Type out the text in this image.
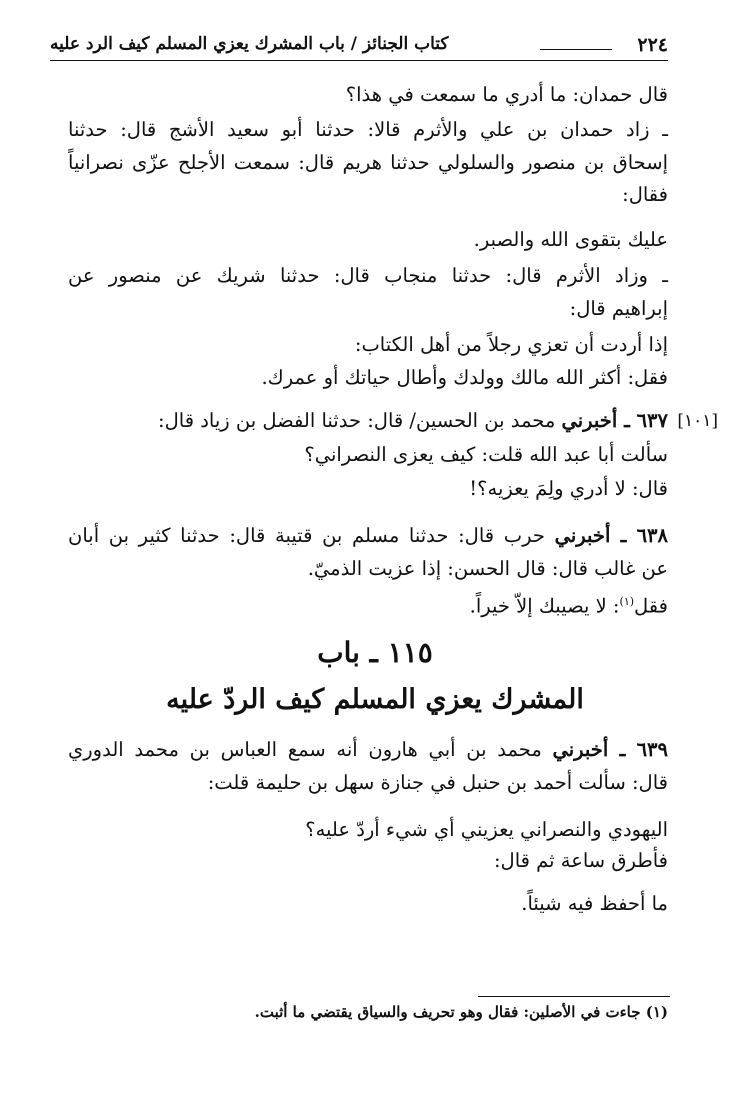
٢٢٤
كتاب الجنائز / باب المشرك يعزي المسلم كيف الرد عليه
قال حمدان: ما أدري ما سمعت في هذا؟
ـ زاد حمدان بن علي والأثرم قالا: حدثنا أبو سعيد الأشج قال: حدثنا
إسحاق بن منصور والسلولي حدثنا هريم قال: سمعت الأجلح عزّى نصرانياً
فقال:
عليك بتقوى الله والصبر.
ـ وزاد الأثرم قال: حدثنا منجاب قال: حدثنا شريك عن منصور عن
إبراهيم قال:
إذا أردت أن تعزي رجلاً من أهل الكتاب:
فقل: أكثر الله مالك وولدك وأطال حياتك أو عمرك.
[١٠١]
٦٣٧ ـ أخبرني محمد بن الحسين/ قال: حدثنا الفضل بن زياد قال:
سألت أبا عبد الله قلت: كيف يعزى النصراني؟
قال: لا أدري ولِمَ يعزيه؟!
٦٣٨ ـ أخبرني حرب قال: حدثنا مسلم بن قتيبة قال: حدثنا كثير بن أبان
عن غالب قال: قال الحسن: إذا عزيت الذميّ.
فقل$^{(١)}$: لا يصيبك إلاّ خيراً.
١١٥ ـ باب
المشرك يعزي المسلم كيف الردّ عليه
٦٣٩ ـ أخبرني محمد بن أبي هارون أنه سمع العباس بن محمد الدوري
قال: سألت أحمد بن حنبل في جنازة سهل بن حليمة قلت:
اليهودي والنصراني يعزيني أي شيء أردّ عليه؟
فأطرق ساعة ثم قال:
ما أحفظ فيه شيئاً.
(١) جاءت في الأصلين: فقال وهو تحريف والسياق يقتضي ما أثبت.
